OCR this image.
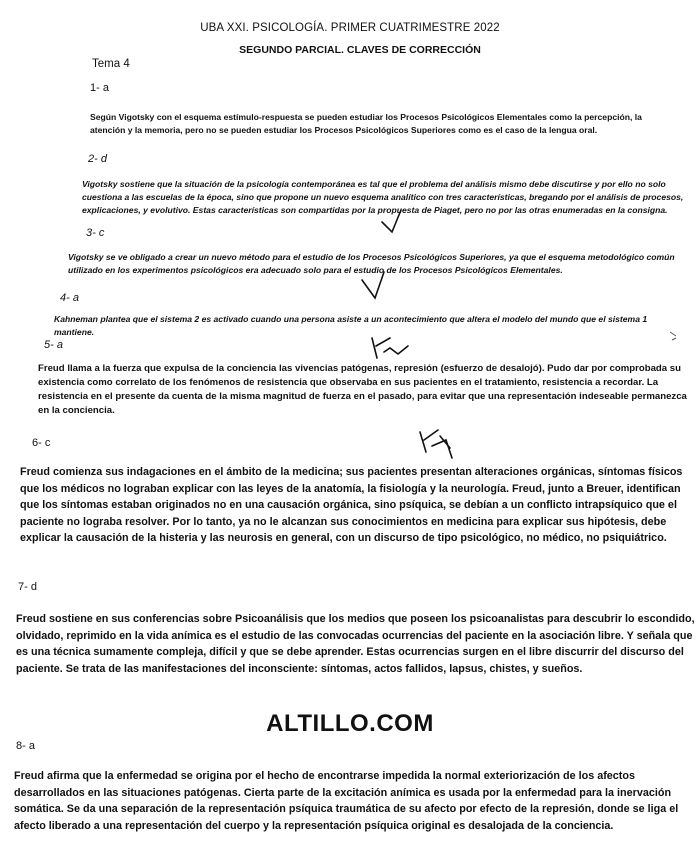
UBA XXI. PSICOLOGÍA. PRIMER CUATRIMESTRE 2022
SEGUNDO PARCIAL. CLAVES DE CORRECCIÓN
Tema 4
1- a

Según Vigotsky con el esquema estímulo-respuesta se pueden estudiar los Procesos Psicológicos Elementales como la percepción, la atención y la memoria, pero no se pueden estudiar los Procesos Psicológicos Superiores como es el caso de la lengua oral.

2- d

Vigotsky sostiene que la situación de la psicología contemporánea es tal que el problema del análisis mismo debe discutirse y por ello no solo cuestiona a las escuelas de la época, sino que propone un nuevo esquema analítico con tres características, bregando por el análisis de procesos, explicaciones, y evolutivo. Estas características son compartidas por la propuesta de Piaget, pero no por las otras enumeradas en la consigna.

3- c

Vigotsky se ve obligado a crear un nuevo método para el estudio de los Procesos Psicológicos Superiores, ya que el esquema metodológico común utilizado en los experimentos psicológicos era adecuado solo para el estudio de los Procesos Psicológicos Elementales.

4- a

Kahneman plantea que el sistema 2 es activado cuando una persona asiste a un acontecimiento que altera el modelo del mundo que el sistema 1 mantiene.

5- a

Freud llama a la fuerza que expulsa de la conciencia las vivencias patógenas, represión (esfuerzo de desalojó). Pudo dar por comprobada su existencia como correlato de los fenómenos de resistencia que observaba en sus pacientes en el tratamiento, resistencia a recordar. La resistencia en el presente da cuenta de la misma magnitud de fuerza en el pasado, para evitar que una representación indeseable permanezca en la conciencia.

6- c

Freud comienza sus indagaciones en el ámbito de la medicina; sus pacientes presentan alteraciones orgánicas, síntomas físicos que los médicos no lograban explicar con las leyes de la anatomía, la fisiología y la neurología. Freud, junto a Breuer, identifican que los síntomas estaban originados no en una causación orgánica, sino psíquica, se debían a un conflicto intrapsíquico que el paciente no lograba resolver. Por lo tanto, ya no le alcanzan sus conocimientos en medicina para explicar sus hipótesis, debe explicar la causación de la histeria y las neurosis en general, con un discurso de tipo psicológico, no médico, no psiquiátrico.

7- d

Freud sostiene en sus conferencias sobre Psicoanálisis que los medios que poseen los psicoanalistas para descubrir lo escondido, olvidado, reprimido en la vida anímica es el estudio de las convocadas ocurrencias del paciente en la asociación libre. Y señala que es una técnica sumamente compleja, difícil y que se debe aprender. Estas ocurrencias surgen en el libre discurrir del discurso del paciente. Se trata de las manifestaciones del inconsciente: síntomas, actos fallidos, lapsus, chistes, y sueños.

ALTILLO.COM
8- a

Freud afirma que la enfermedad se origina por el hecho de encontrarse impedida la normal exteriorización de los afectos desarrollados en las situaciones patógenas. Cierta parte de la excitación anímica es usada por la enfermedad para la inervación somática. Se da una separación de la representación psíquica traumática de su afecto por efecto de la represión, donde se liga el afecto liberado a una representación del cuerpo y la representación psíquica original es desalojada de la conciencia.
